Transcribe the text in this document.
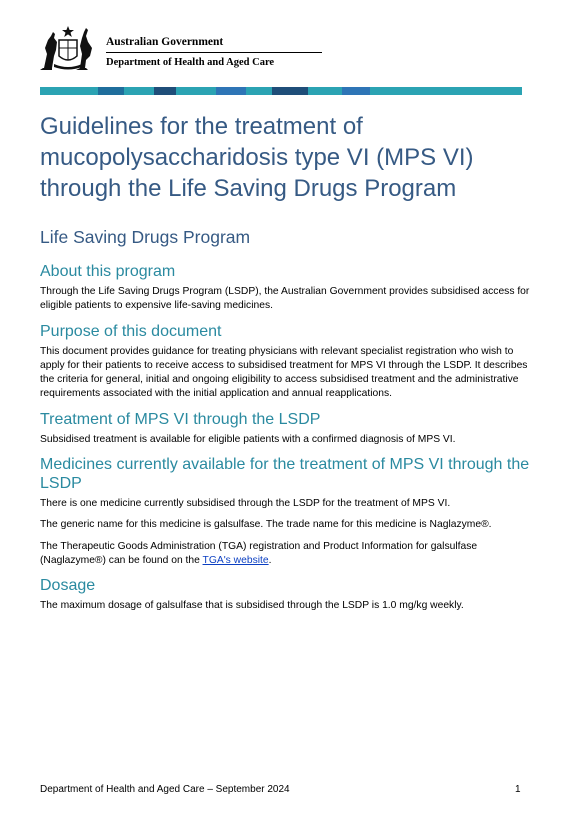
Australian Government
Department of Health and Aged Care
Guidelines for the treatment of mucopolysaccharidosis type VI (MPS VI) through the Life Saving Drugs Program
Life Saving Drugs Program
About this program

Through the Life Saving Drugs Program (LSDP), the Australian Government provides subsidised access for eligible patients to expensive life-saving medicines.

Purpose of this document

This document provides guidance for treating physicians with relevant specialist registration who wish to apply for their patients to receive access to subsidised treatment for MPS VI through the LSDP. It describes the criteria for general, initial and ongoing eligibility to access subsidised treatment and the administrative requirements associated with the initial application and annual reapplications.

Treatment of MPS VI through the LSDP

Subsidised treatment is available for eligible patients with a confirmed diagnosis of MPS VI.

Medicines currently available for the treatment of MPS VI through the LSDP

There is one medicine currently subsidised through the LSDP for the treatment of MPS VI.

The generic name for this medicine is galsulfase. The trade name for this medicine is Naglazyme®.

The Therapeutic Goods Administration (TGA) registration and Product Information for galsulfase (Naglazyme®) can be found on the TGA's website.

Dosage

The maximum dosage of galsulfase that is subsidised through the LSDP is 1.0 mg/kg weekly.

Department of Health and Aged Care – September 2024	1
